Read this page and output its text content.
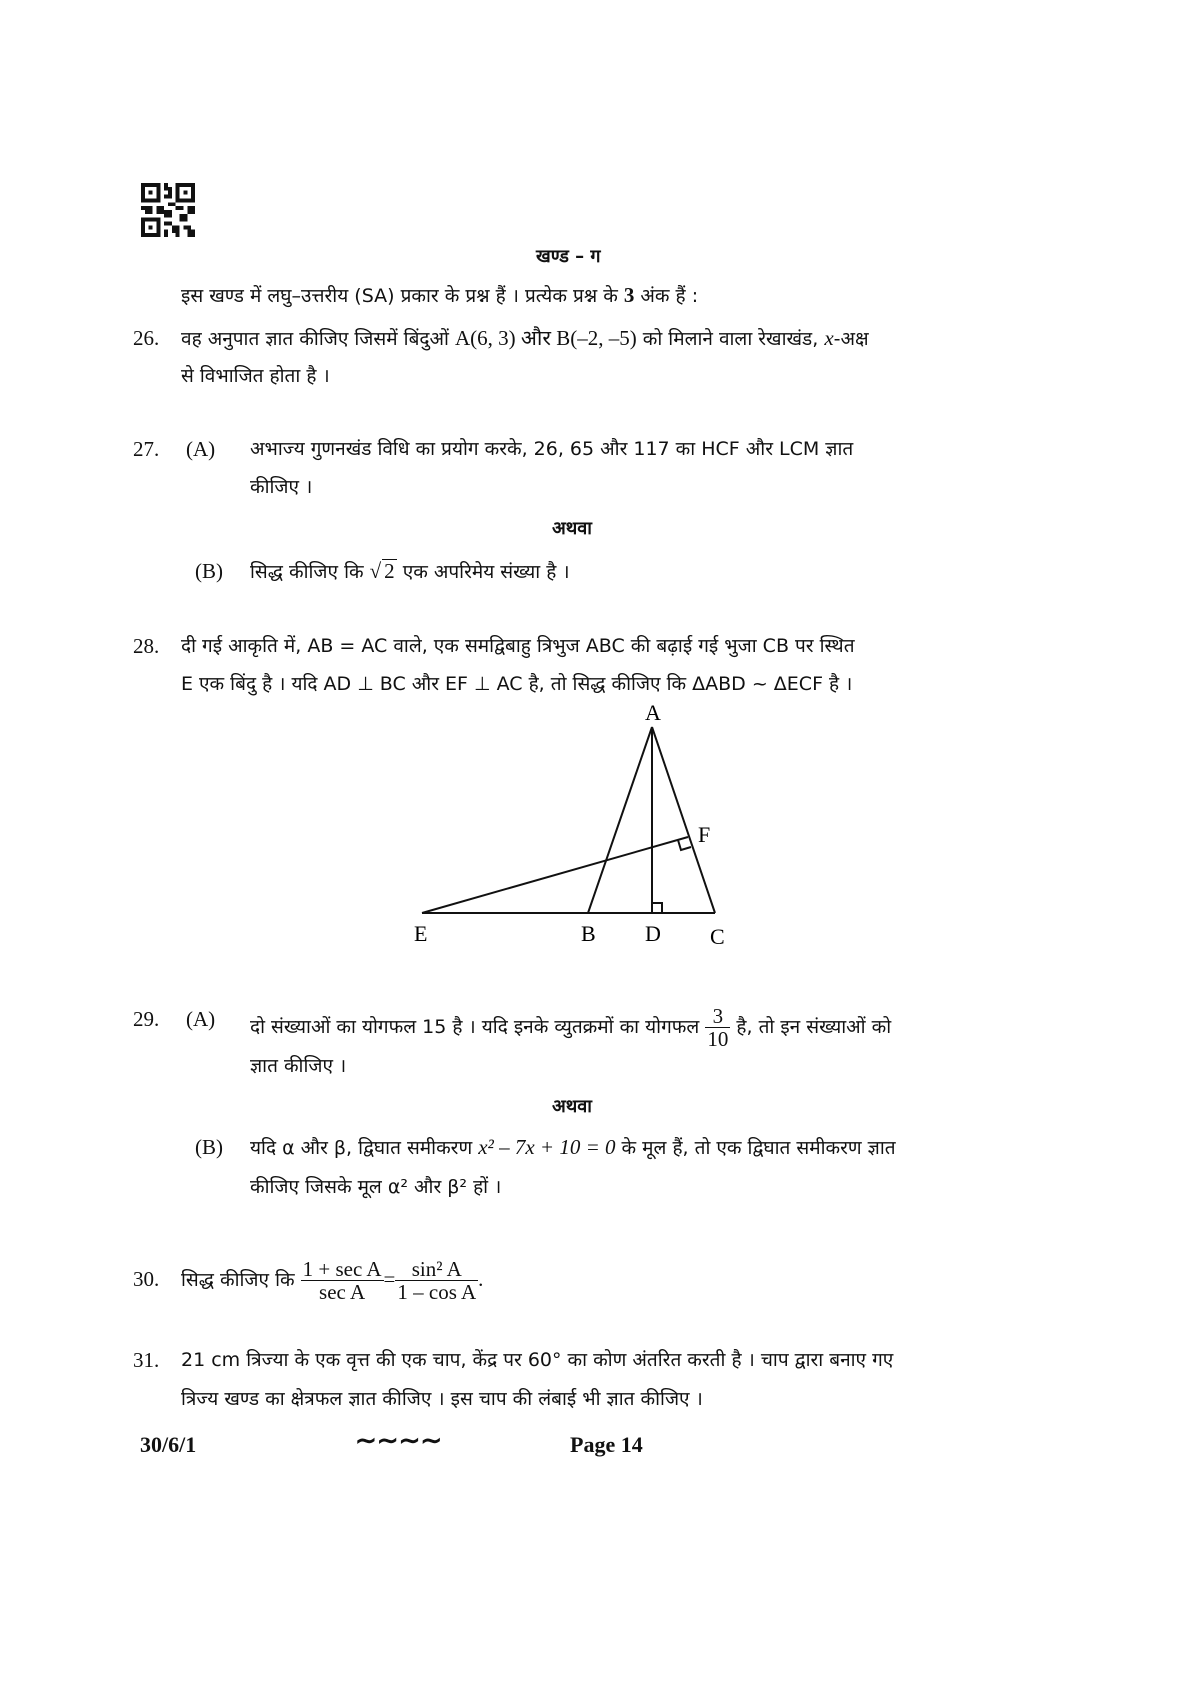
खण्ड – ग
इस खण्ड में लघु–उत्तरीय (SA) प्रकार के प्रश्न हैं । प्रत्येक प्रश्न के 3 अंक हैं :
26. वह अनुपात ज्ञात कीजिए जिसमें बिंदुओं A(6, 3) और B(–2, –5) को मिलाने वाला रेखाखंड, x-अक्ष
से विभाजित होता है ।
27. (A) अभाज्य गुणनखंड विधि का प्रयोग करके, 26, 65 और 117 का HCF और LCM ज्ञात
कीजिए ।
अथवा
(B) सिद्ध कीजिए कि √ 2 एक अपरिमेय संख्या है ।
28. दी गई आकृति में, AB = AC वाले, एक समद्विबाहु त्रिभुज ABC की बढ़ाई गई भुजा CB पर स्थित
E एक बिंदु है । यदि AD ⊥ BC और EF ⊥ AC है, तो सिद्ध कीजिए कि ΔABD ~ ΔECF है ।
A
F
E	B D C
29. (A) दो संख्याओं का योगफल 15 है । यदि इनके व्युतक्रमों का योगफल $\frac{3}{10}$ है, तो इन संख्याओं को
ज्ञात कीजिए ।
अथवा
(B) यदि α और β, द्विघात समीकरण x² – 7x + 10 = 0 के मूल हैं, तो एक द्विघात समीकरण ज्ञात
कीजिए जिसके मूल α² और β² हों ।
30. सिद्ध कीजिए कि $\frac{\text{1 + sec A}}{\text{sec A}} = \frac{\text{sin² A}}{\text{1 – cos A}}$ .
31. 21 cm त्रिज्या के एक वृत्त की एक चाप, केंद्र पर 60° का कोण अंतरित करती है । चाप द्वारा बनाए गए
त्रिज्य खण्ड का क्षेत्रफल ज्ञात कीजिए । इस चाप की लंबाई भी ज्ञात कीजिए ।
30/6/1	∼∼∼∼	Page 14
